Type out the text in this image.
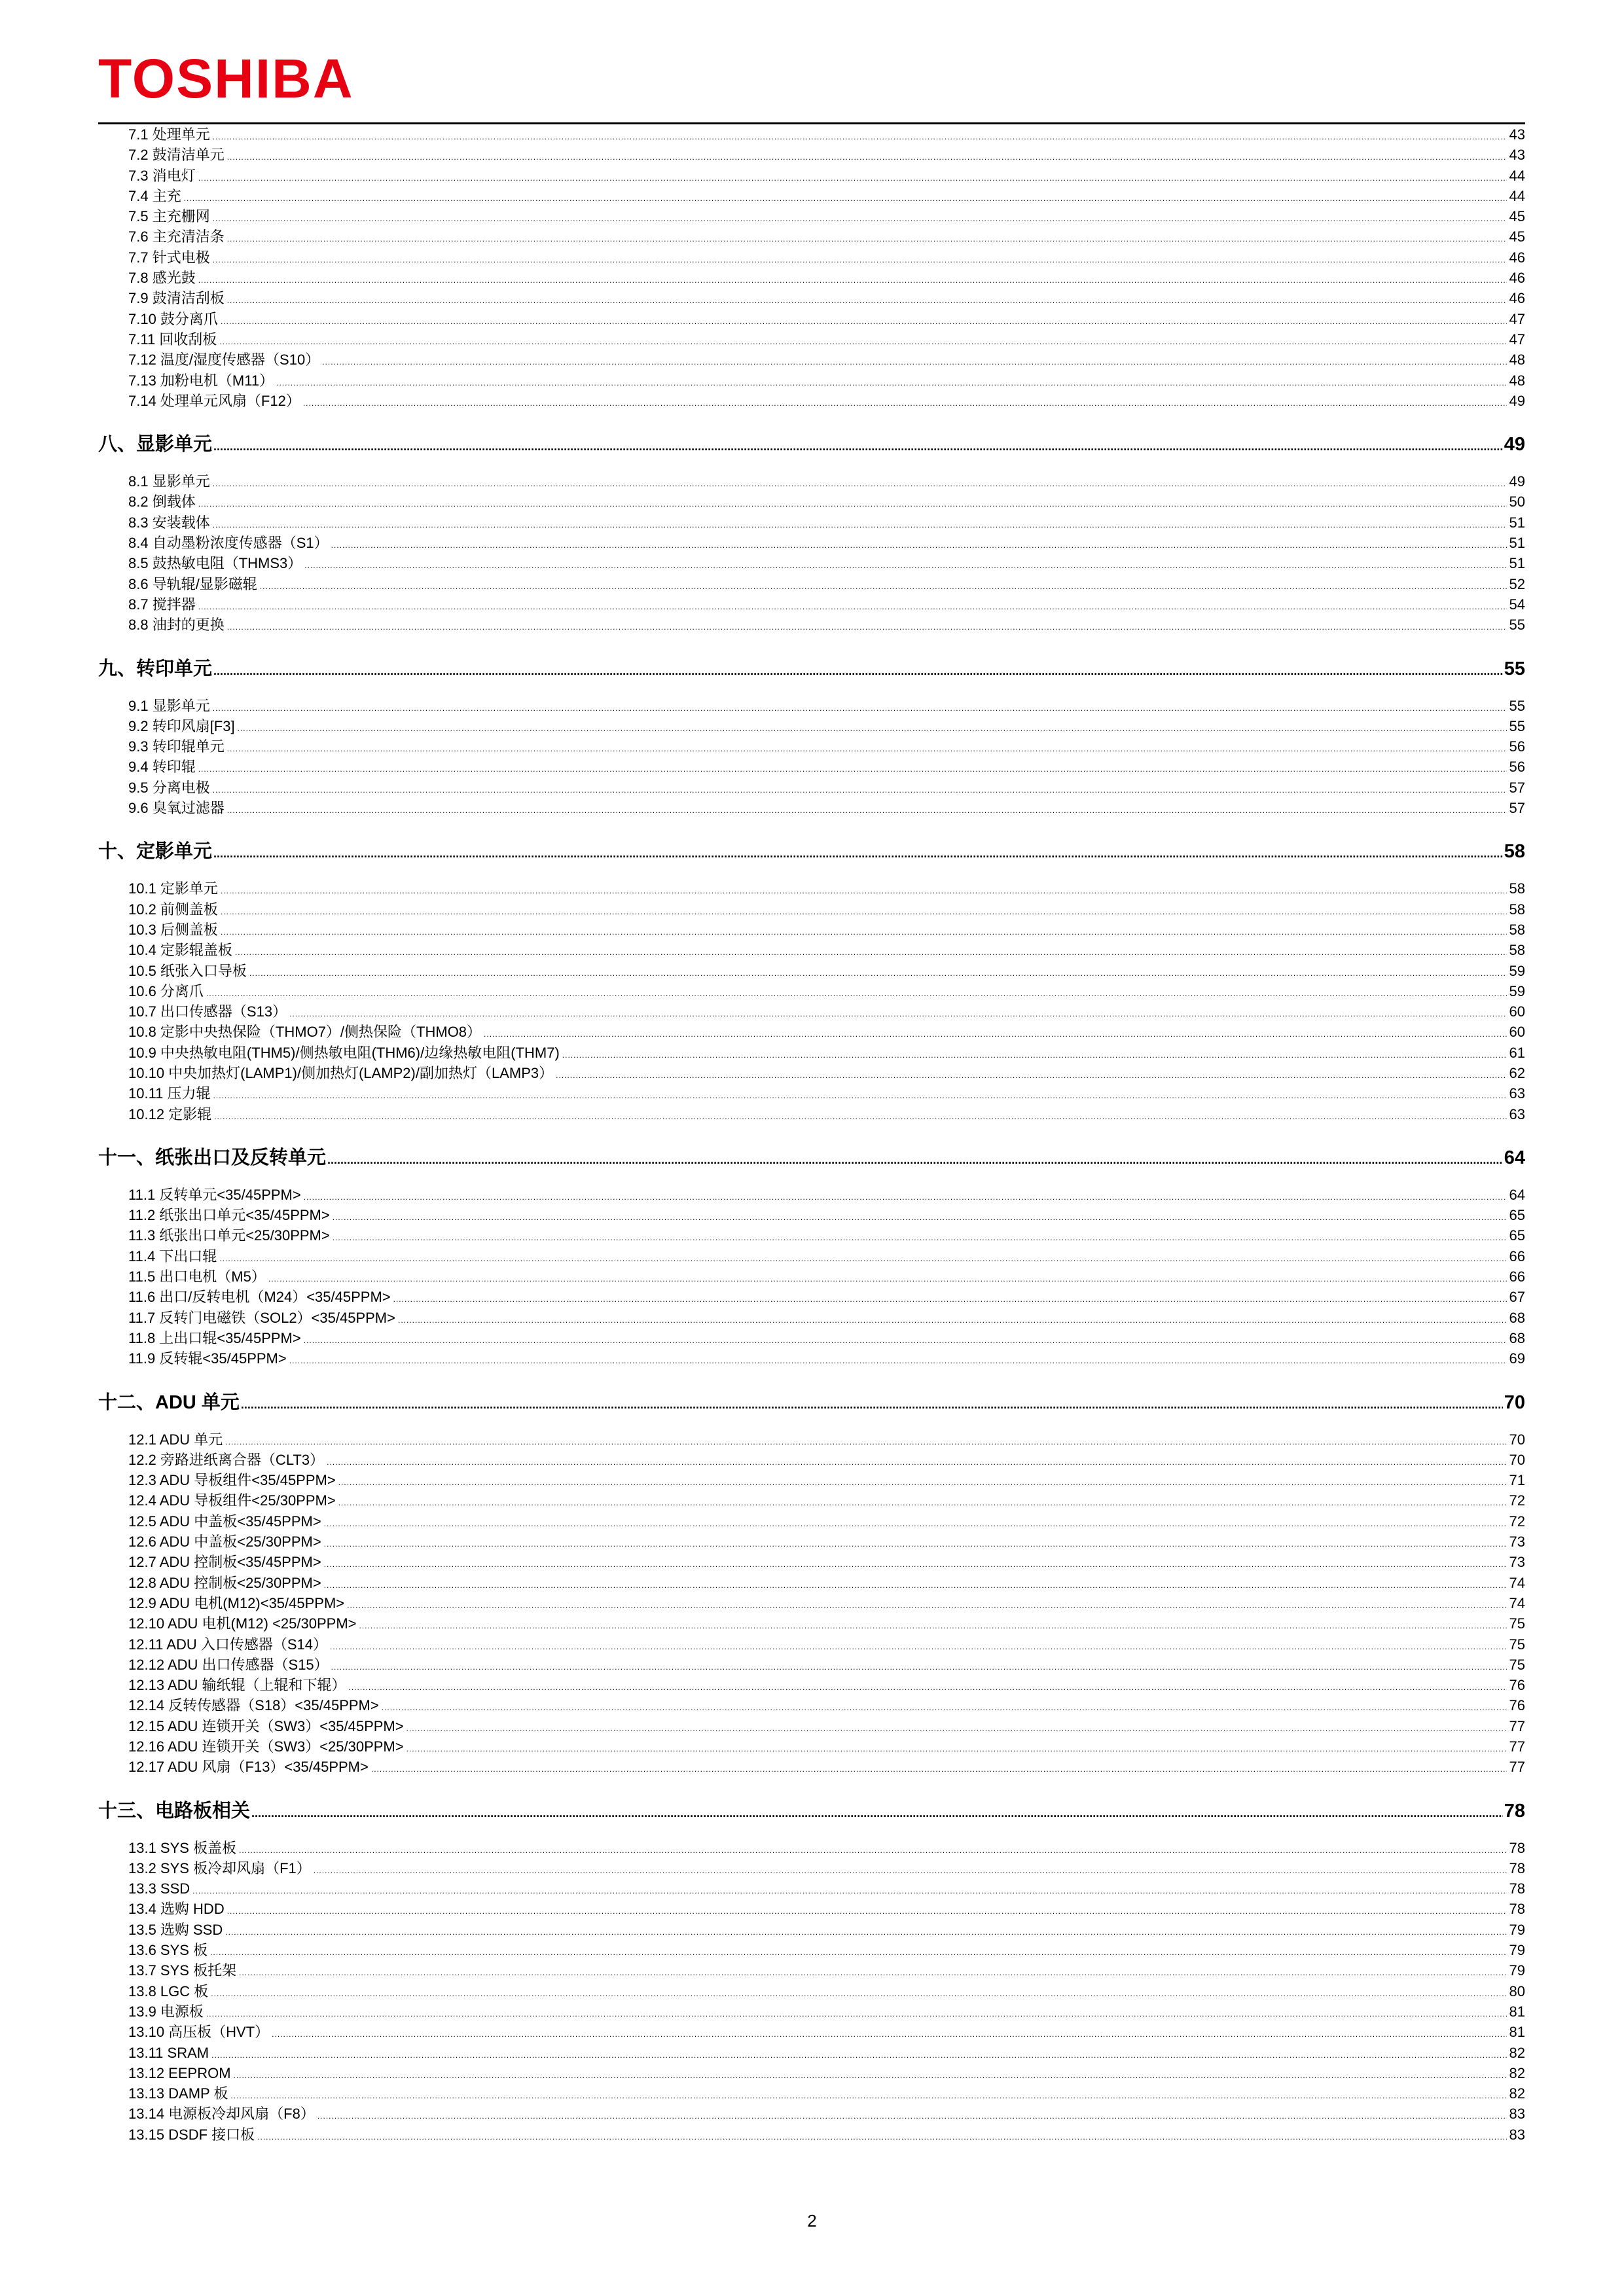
TOSHIBA
7.1 处理单元 .....	43
7.2 鼓清洁单元 .....	43
7.3 消电灯 .....	44
7.4 主充 .....	44
7.5 主充栅网 .....	45
7.6 主充清洁条 .....	45
7.7 针式电极 .....	46
7.8 感光鼓 .....	46
7.9 鼓清洁刮板 .....	46
7.10 鼓分离爪 .....	47
7.11 回收刮板 .....	47
7.12 温度/湿度传感器（S10） .....	48
7.13 加粉电机（M11） .....	48
7.14 处理单元风扇（F12） .....	49
八、显影单元 .....	49
8.1 显影单元 .....	49
8.2 倒载体 .....	50
8.3 安装载体 .....	51
8.4 自动墨粉浓度传感器（S1） .....	51
8.5 鼓热敏电阻（THMS3） .....	51
8.6 导轨辊/显影磁辊 .....	52
8.7 搅拌器 .....	54
8.8 油封的更换 .....	55
九、转印单元 .....	55
9.1 显影单元 .....	55
9.2 转印风扇[F3] .....	55
9.3 转印辊单元 .....	56
9.4 转印辊 .....	56
9.5 分离电极 .....	57
9.6 臭氧过滤器 .....	57
十、定影单元 .....	58
10.1 定影单元 .....	58
10.2 前侧盖板 .....	58
10.3 后侧盖板 .....	58
10.4 定影辊盖板 .....	58
10.5 纸张入口导板 .....	59
10.6 分离爪 .....	59
10.7 出口传感器（S13） .....	60
10.8 定影中央热保险（THMO7）/侧热保险（THMO8） .....	60
10.9 中央热敏电阻(THM5)/侧热敏电阻(THM6)/边缘热敏电阻(THM7) .....	61
10.10 中央加热灯(LAMP1)/侧加热灯(LAMP2)/副加热灯（LAMP3） .....	62
10.11 压力辊 .....	63
10.12 定影辊 .....	63
十一、纸张出口及反转单元 .....	64
11.1 反转单元<35/45PPM> .....	64
11.2 纸张出口单元<35/45PPM> .....	65
11.3 纸张出口单元<25/30PPM> .....	65
11.4 下出口辊 .....	66
11.5 出口电机（M5） .....	66
11.6 出口/反转电机（M24）<35/45PPM> .....	67
11.7 反转门电磁铁（SOL2）<35/45PPM> .....	68
11.8 上出口辊<35/45PPM> .....	68
11.9 反转辊<35/45PPM> .....	69
十二、ADU 单元 .....	70
12.1 ADU 单元 .....	70
12.2 旁路进纸离合器（CLT3） .....	70
12.3 ADU 导板组件<35/45PPM> .....	71
12.4 ADU 导板组件<25/30PPM> .....	72
12.5 ADU 中盖板<35/45PPM> .....	72
12.6 ADU 中盖板<25/30PPM> .....	73
12.7 ADU 控制板<35/45PPM> .....	73
12.8 ADU 控制板<25/30PPM> .....	74
12.9 ADU 电机(M12)<35/45PPM> .....	74
12.10 ADU 电机(M12) <25/30PPM> .....	75
12.11 ADU 入口传感器（S14） .....	75
12.12 ADU 出口传感器（S15） .....	75
12.13 ADU 输纸辊（上辊和下辊） .....	76
12.14 反转传感器（S18）<35/45PPM> .....	76
12.15 ADU 连锁开关（SW3）<35/45PPM> .....	77
12.16 ADU 连锁开关（SW3）<25/30PPM> .....	77
12.17 ADU 风扇（F13）<35/45PPM> .....	77
十三、电路板相关 .....	78
13.1 SYS 板盖板 .....	78
13.2 SYS 板冷却风扇（F1） .....	78
13.3 SSD .....	78
13.4 选购 HDD .....	78
13.5 选购 SSD .....	79
13.6 SYS 板 .....	79
13.7 SYS 板托架 .....	79
13.8 LGC 板 .....	80
13.9 电源板 .....	81
13.10 高压板（HVT） .....	81
13.11 SRAM .....	82
13.12 EEPROM .....	82
13.13 DAMP 板 .....	82
13.14 电源板冷却风扇（F8） .....	83
13.15 DSDF 接口板 .....	83
2
